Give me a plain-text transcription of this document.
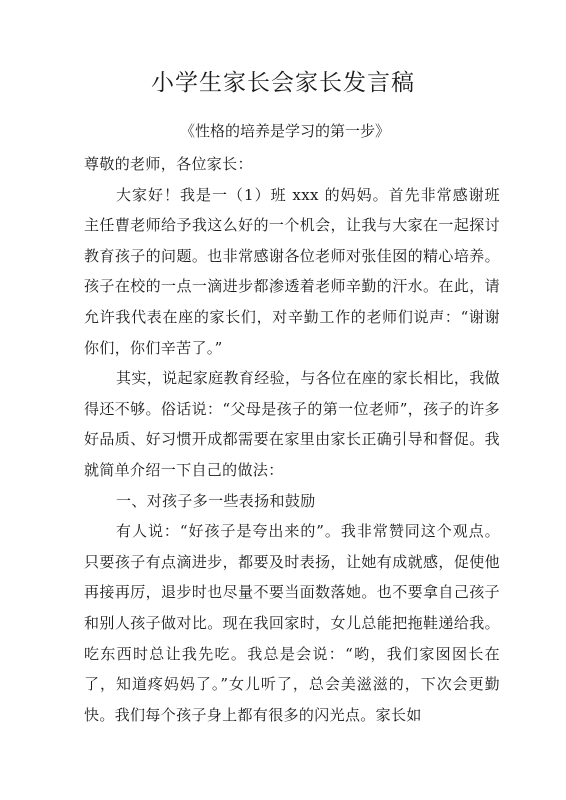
小学生家长会家长发言稿
《性格的培养是学习的第一步》

尊敬的老师，各位家长：

大家好！我是一（1）班 xxx 的妈妈。首先非常感谢班主任曹老师给予我这么好的一个机会，让我与大家在一起探讨教育孩子的问题。也非常感谢各位老师对张佳囡的精心培养。孩子在校的一点一滴进步都渗透着老师辛勤的汗水。在此，请允许我代表在座的家长们，对辛勤工作的老师们说声：“谢谢你们，你们辛苦了。”

其实，说起家庭教育经验，与各位在座的家长相比，我做得还不够。俗话说：“父母是孩子的第一位老师”，孩子的许多好品质、好习惯开成都需要在家里由家长正确引导和督促。我就简单介绍一下自己的做法：

一、对孩子多一些表扬和鼓励

有人说：“好孩子是夸出来的”。我非常赞同这个观点。只要孩子有点滴进步，都要及时表扬，让她有成就感，促使他再接再厉，退步时也尽量不要当面数落她。也不要拿自己孩子和别人孩子做对比。现在我回家时，女儿总能把拖鞋递给我。吃东西时总让我先吃。我总是会说：“哟，我们家囡囡长在了，知道疼妈妈了。”女儿听了，总会美滋滋的，下次会更勤快。我们每个孩子身上都有很多的闪光点。家长如
